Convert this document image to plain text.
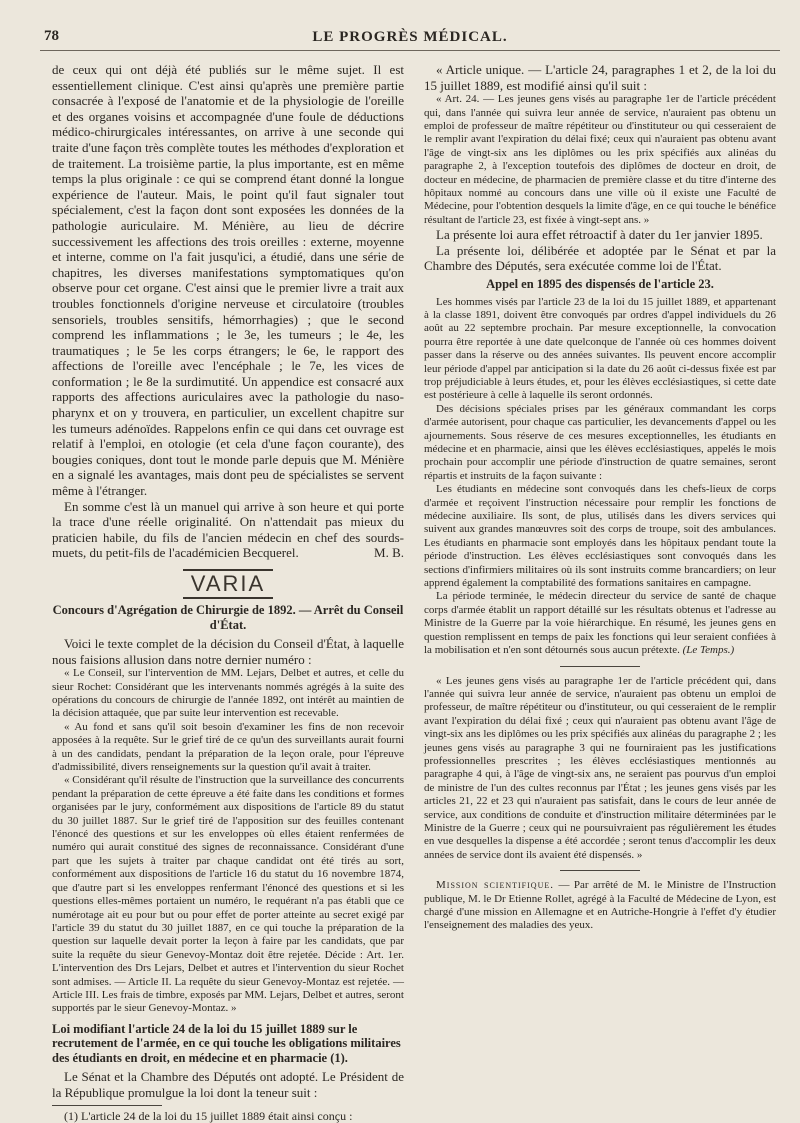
78	LE PROGRÈS MÉDICAL.

de ceux qui ont déjà été publiés sur le même sujet. Il est essentiellement clinique. C'est ainsi qu'après une première partie consacrée à l'exposé de l'anatomie et de la physiologie de l'oreille et des organes voisins et accompagnée d'une foule de déductions médico-chirurgicales intéressantes, on arrive à une seconde qui traite d'une façon très complète toutes les méthodes d'exploration et de traitement. La troisième partie, la plus importante, est en même temps la plus originale : ce qui se comprend étant donné la longue expérience de l'auteur. Mais, le point qu'il faut signaler tout spécialement, c'est la façon dont sont exposées les données de la pathologie auriculaire. M. Ménière, au lieu de décrire successivement les affections des trois oreilles : externe, moyenne et interne, comme on l'a fait jusqu'ici, a étudié, dans une série de chapitres, les diverses manifestations symptomatiques qu'on observe pour cet organe. C'est ainsi que le premier livre a trait aux troubles fonctionnels d'origine nerveuse et circulatoire (troubles sensoriels, troubles sensitifs, hémorrhagies) ; que le second comprend les inflammations ; le 3e, les tumeurs ; le 4e, les traumatiques ; le 5e les corps étrangers; le 6e, le rapport des affections de l'oreille avec l'encéphale ; le 7e, les vices de conformation ; le 8e la surdimutité. Un appendice est consacré aux rapports des affections auriculaires avec la pathologie du naso-pharynx et on y trouvera, en particulier, un excellent chapitre sur les tumeurs adénoïdes. Rappelons enfin ce qui dans cet ouvrage est relatif à l'emploi, en otologie (et cela d'une façon courante), des bougies coniques, dont tout le monde parle depuis que M. Ménière en a signalé les avantages, mais dont peu de spécialistes se servent même à l'étranger.

En somme c'est là un manuel qui arrive à son heure et qui porte la trace d'une réelle originalité. On n'attendait pas mieux du praticien habile, du fils de l'ancien médecin en chef des sourds-muets, du petit-fils de l'académicien Becquerel.	M. B.

VARIA
Concours d'Agrégation de Chirurgie de 1892. — Arrêt du Conseil d'État.

Voici le texte complet de la décision du Conseil d'État, à laquelle nous faisions allusion dans notre dernier numéro :

« Le Conseil, sur l'intervention de MM. Lejars, Delbet et autres, et celle du sieur Rochet: Considérant que les intervenants nommés agrégés à la suite des opérations du concours de chirurgie de l'année 1892, ont intérêt au maintien de la décision attaquée, que par suite leur intervention est recevable.

« Au fond et sans qu'il soit besoin d'examiner les fins de non recevoir apposées à la requête. Sur le grief tiré de ce qu'un des surveillants aurait fourni à un des candidats, pendant la préparation de la leçon orale, pour l'épreuve d'admissibilité, divers renseignements sur la question qu'il avait à traiter.

« Considérant qu'il résulte de l'instruction que la surveillance des concurrents pendant la préparation de cette épreuve a été faite dans les conditions et formes organisées par le jury, conformément aux dispositions de l'article 89 du statut du 30 juillet 1887. Sur le grief tiré de l'apposition sur des feuilles contenant l'énoncé des questions et sur les enveloppes où elles étaient renfermées de numéro qui aurait constitué des signes de reconnaissance. Considérant d'une part que les sujets à traiter par chaque candidat ont été tirés au sort, conformément aux dispositions de l'article 16 du statut du 16 novembre 1874, que d'autre part si les enveloppes renfermant l'énoncé des questions et si les questions elles-mêmes portaient un numéro, le requérant n'a pas établi que ce numérotage ait eu pour but ou pour effet de porter atteinte au secret exigé par l'article 39 du statut du 30 juillet 1887, en ce qui touche la préparation de la question sur laquelle devait porter la leçon à faire par les candidats, que par suite la requête du sieur Genevoy-Montaz doit être rejetée. Décide : Art. 1er. L'intervention des Drs Lejars, Delbet et autres et l'intervention du sieur Rochet sont admises. — Article II. La requête du sieur Genevoy-Montaz est rejetée. — Article III. Les frais de timbre, exposés par MM. Lejars, Delbet et autres, seront supportés par le sieur Genevoy-Montaz. »

Loi modifiant l'article 24 de la loi du 15 juillet 1889 sur le recrutement de l'armée, en ce qui touche les obligations militaires des étudiants en droit, en médecine et en pharmacie (1).

Le Sénat et la Chambre des Députés ont adopté. Le Président de la République promulgue la loi dont la teneur suit :

(1) L'article 24 de la loi du 15 juillet 1889 était ainsi conçu :

« Article unique. — L'article 24, paragraphes 1 et 2, de la loi du 15 juillet 1889, est modifié ainsi qu'il suit :

« Art. 24. — Les jeunes gens visés au paragraphe 1er de l'article précédent qui, dans l'année qui suivra leur année de service, n'auraient pas obtenu un emploi de professeur de maître répétiteur ou d'instituteur ou qui cesseraient de le remplir avant l'expiration du délai fixé; ceux qui n'auraient pas obtenu avant l'âge de vingt-six ans les diplômes ou les prix spécifiés aux alinéas du paragraphe 2, à l'exception toutefois des diplômes de docteur en droit, de docteur en médecine, de pharmacien de première classe et du titre d'interne des hôpitaux nommé au concours dans une ville où il existe une Faculté de Médecine, pour l'obtention desquels la limite d'âge, en ce qui touche le bénéfice résultant de l'article 23, est fixée à vingt-sept ans. »

La présente loi aura effet rétroactif à dater du 1er janvier 1895.

La présente loi, délibérée et adoptée par le Sénat et par la Chambre des Députés, sera exécutée comme loi de l'État.

Appel en 1895 des dispensés de l'article 23.

Les hommes visés par l'article 23 de la loi du 15 juillet 1889, et appartenant à la classe 1891, doivent être convoqués par ordres d'appel individuels du 26 août au 22 septembre prochain. Par mesure exceptionnelle, la convocation pourra être reportée à une date quelconque de l'année où ces hommes doivent passer dans la réserve ou des années suivantes. Ils peuvent encore accomplir leur période d'appel par anticipation si la date du 26 août ci-dessus fixée est par trop préjudiciable à leurs études, et, pour les élèves ecclésiastiques, si cette date est postérieure à celle à laquelle ils seront ordonnés.

Des décisions spéciales prises par les généraux commandant les corps d'armée autorisent, pour chaque cas particulier, les devancements d'appel ou les ajournements. Sous réserve de ces mesures exceptionnelles, les étudiants en médecine et en pharmacie, ainsi que les élèves ecclésiastiques, appelés le mois prochain pour accomplir une période d'instruction de quatre semaines, seront répartis et instruits de la façon suivante :

Les étudiants en médecine sont convoqués dans les chefs-lieux de corps d'armée et reçoivent l'instruction nécessaire pour remplir les fonctions de médecine auxiliaire. Ils sont, de plus, utilisés dans les divers services qui suivent aux grandes manœuvres soit des corps de troupe, soit des ambulances. Les étudiants en pharmacie sont employés dans les hôpitaux pendant toute la période d'instruction. Les élèves ecclésiastiques sont convoqués dans les sections d'infirmiers militaires où ils sont instruits comme brancardiers; on leur apprend également la comptabilité des formations sanitaires en campagne.

La période terminée, le médecin directeur du service de santé de chaque corps d'armée établit un rapport détaillé sur les résultats obtenus et l'adresse au Ministre de la Guerre par la voie hiérarchique. En résumé, les jeunes gens en question remplissent en temps de paix les fonctions qui leur seraient confiées à la mobilisation et n'en sont détournés sous aucun prétexte. (Le Temps.)

« Les jeunes gens visés au paragraphe 1er de l'article précédent qui, dans l'année qui suivra leur année de service, n'auraient pas obtenu un emploi de professeur, de maître répétiteur ou d'instituteur, ou qui cesseraient de le remplir avant l'expiration du délai fixé ; ceux qui n'auraient pas obtenu avant l'âge de vingt-six ans les diplômes ou les prix spécifiés aux alinéas du paragraphe 2 ; les jeunes gens visés au paragraphe 3 qui ne fourniraient pas les justifications professionnelles prescrites ; les élèves ecclésiastiques mentionnés au paragraphe 4 qui, à l'âge de vingt-six ans, ne seraient pas pourvus d'un emploi de ministre de l'un des cultes reconnus par l'État ; les jeunes gens visés par les articles 21, 22 et 23 qui n'auraient pas satisfait, dans le cours de leur année de service, aux conditions de conduite et d'instruction militaire déterminées par le Ministre de la Guerre ; ceux qui ne poursuivraient pas régulièrement les études en vue desquelles la dispense a été accordée ; seront tenus d'accomplir les deux années de service dont ils avaient été dispensés. »

Mission scientifique. — Par arrêté de M. le Ministre de l'Instruction publique, M. le Dr Etienne Rollet, agrégé à la Faculté de Médecine de Lyon, est chargé d'une mission en Allemagne et en Autriche-Hongrie à l'effet d'y étudier l'enseignement des maladies des yeux.
